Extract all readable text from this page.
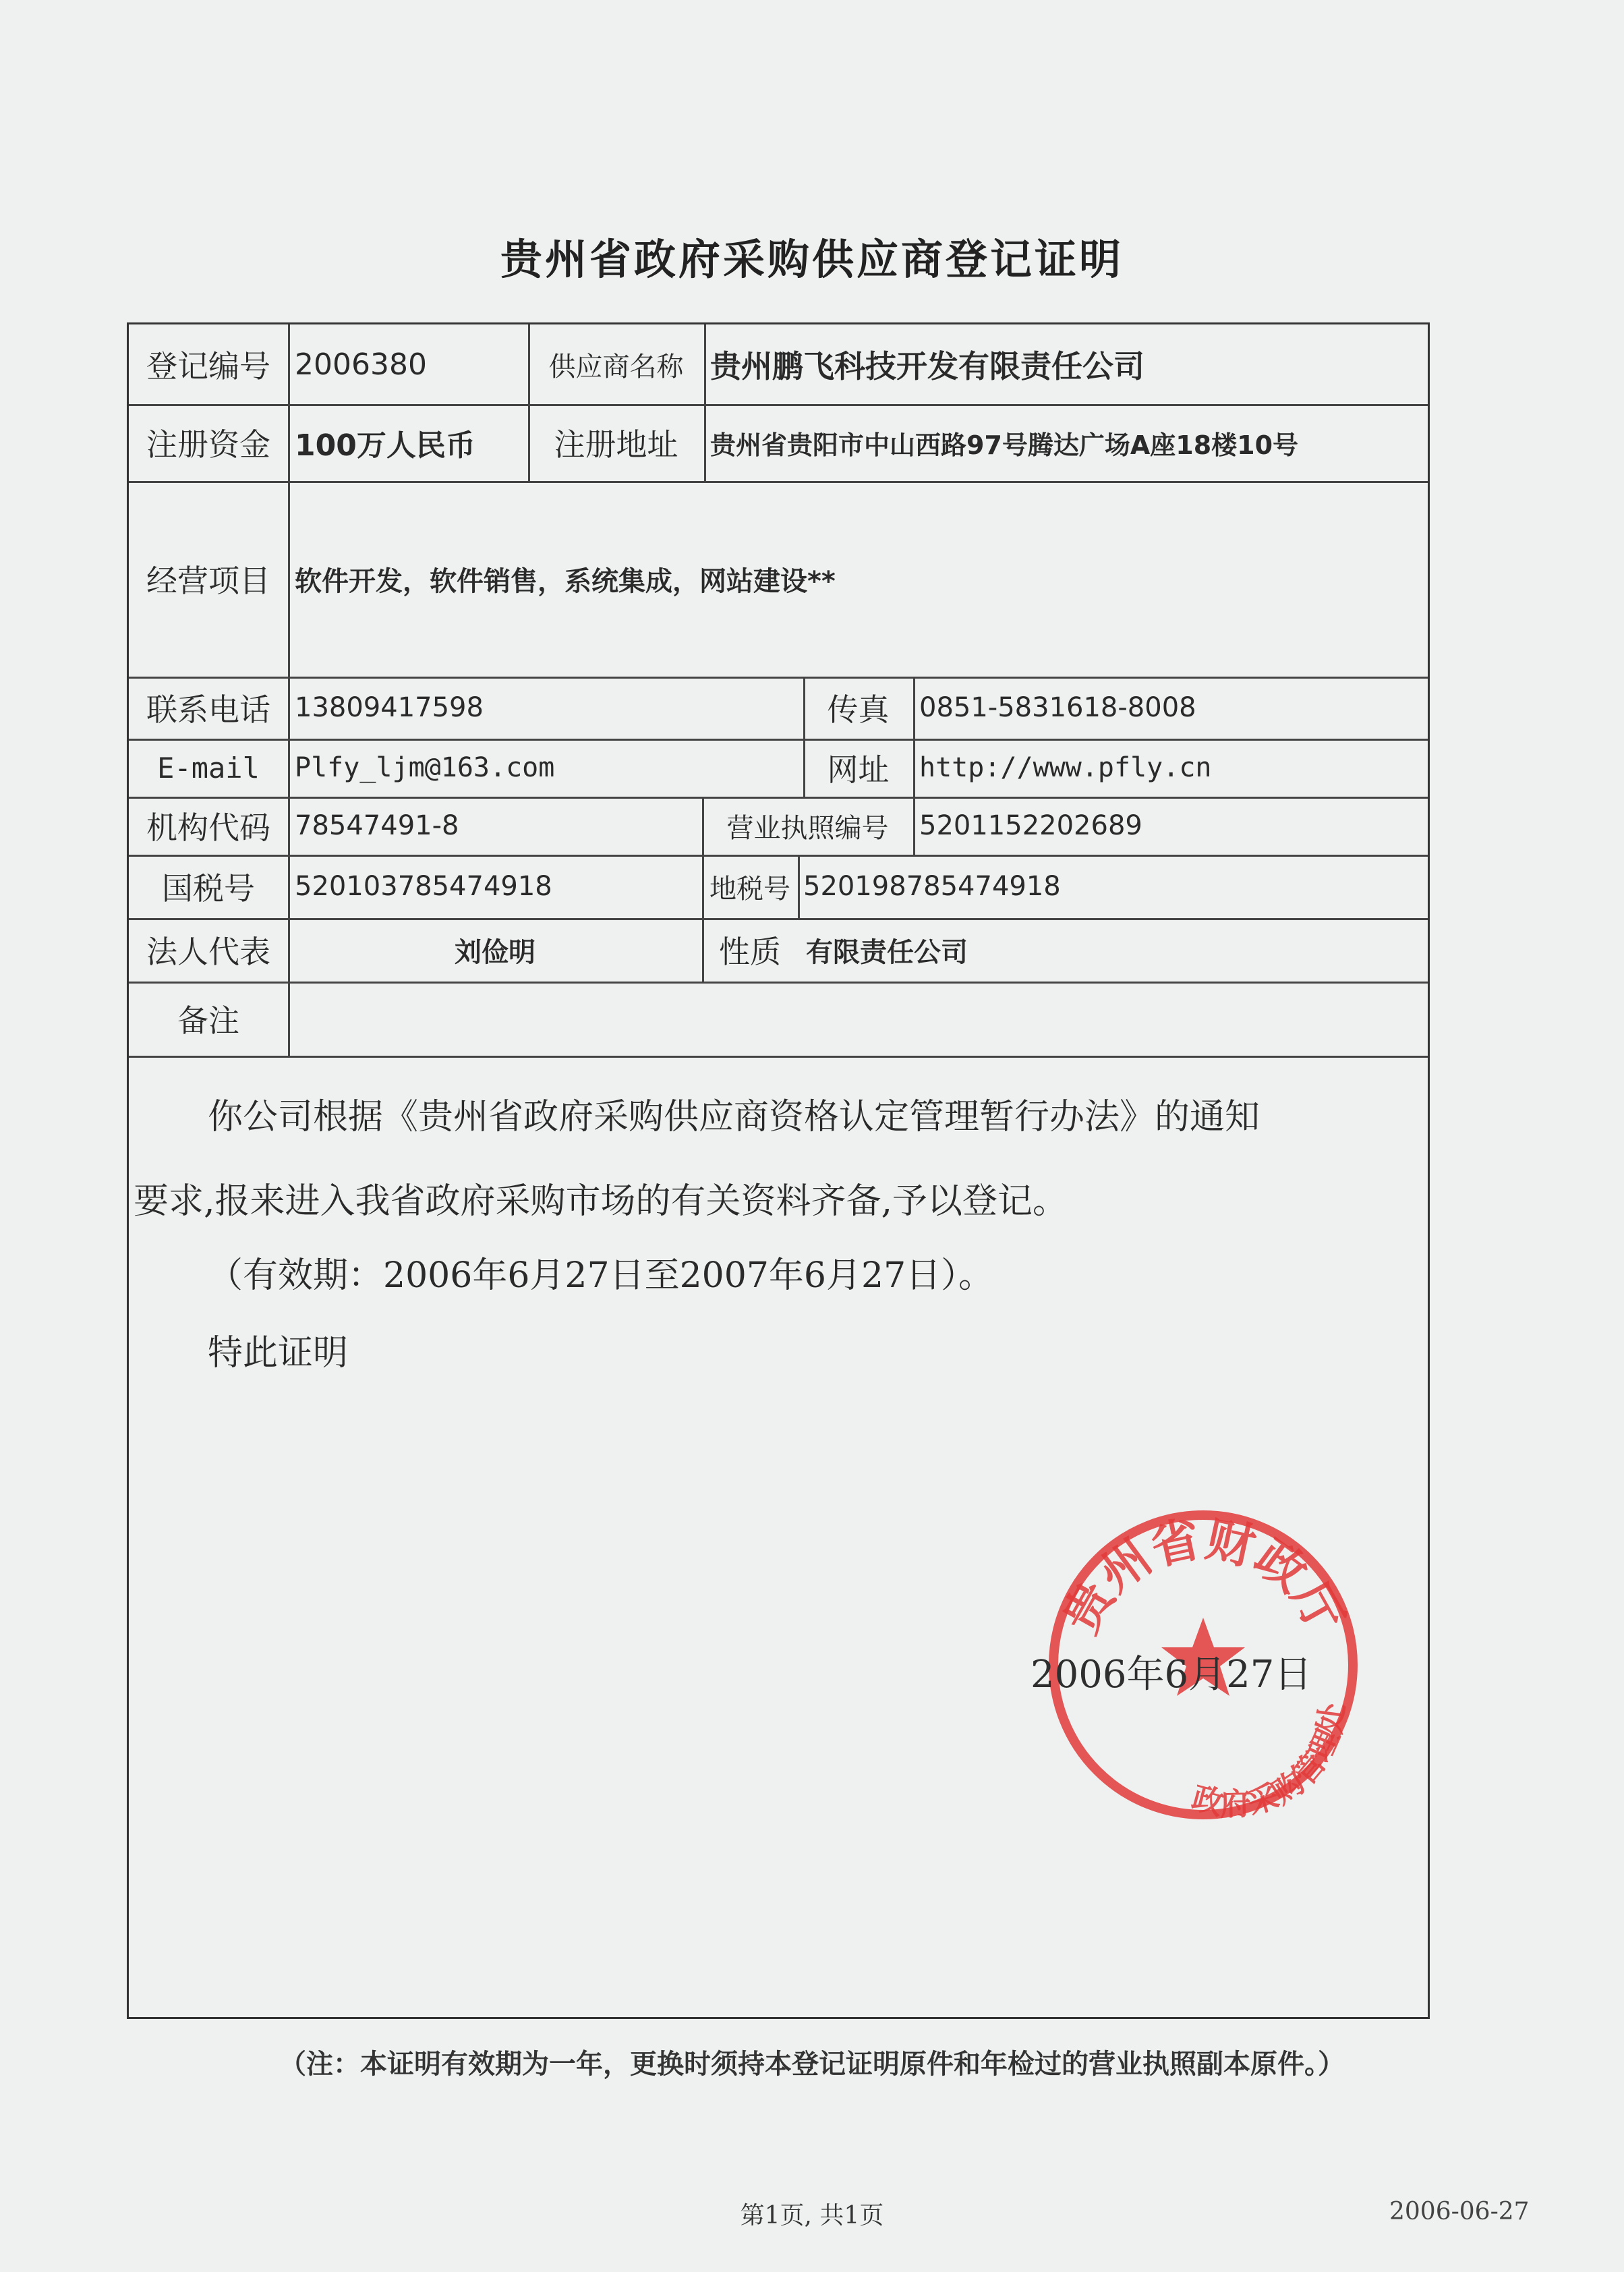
贵州省政府采购供应商登记证明
登记编号 2006380	供应商名称 贵州鹏飞科技开发有限责任公司
注册资金 100万人民币	注册地址	贵州省贵阳市中山西路97号腾达广场A座18楼10号
经营项目 软件开发，软件销售，系统集成，网站建设**
联系电话 13809417598	传真	0851-5831618-8008
E-mail	Plfy_ljm@163.com	网址	http://www.pfly.cn
机构代码 78547491-8	营业执照编号	5201152202689
国税号	520103785474918	地税号 520198785474918
法人代表	刘俭明	性质 有限责任公司
备注
你公司根据《贵州省政府采购供应商资格认定管理暂行办法》的通知
要求,报来进入我省政府采购市场的有关资料齐备,予以登记。
（有效期：2006年6月27日至2007年6月27日）。
特此证明
贵州省财政厅
政府采购管理处
2006年6月27日
（注：本证明有效期为一年，更换时须持本登记证明原件和年检过的营业执照副本原件。）
第1页, 共1页	2006-06-27
